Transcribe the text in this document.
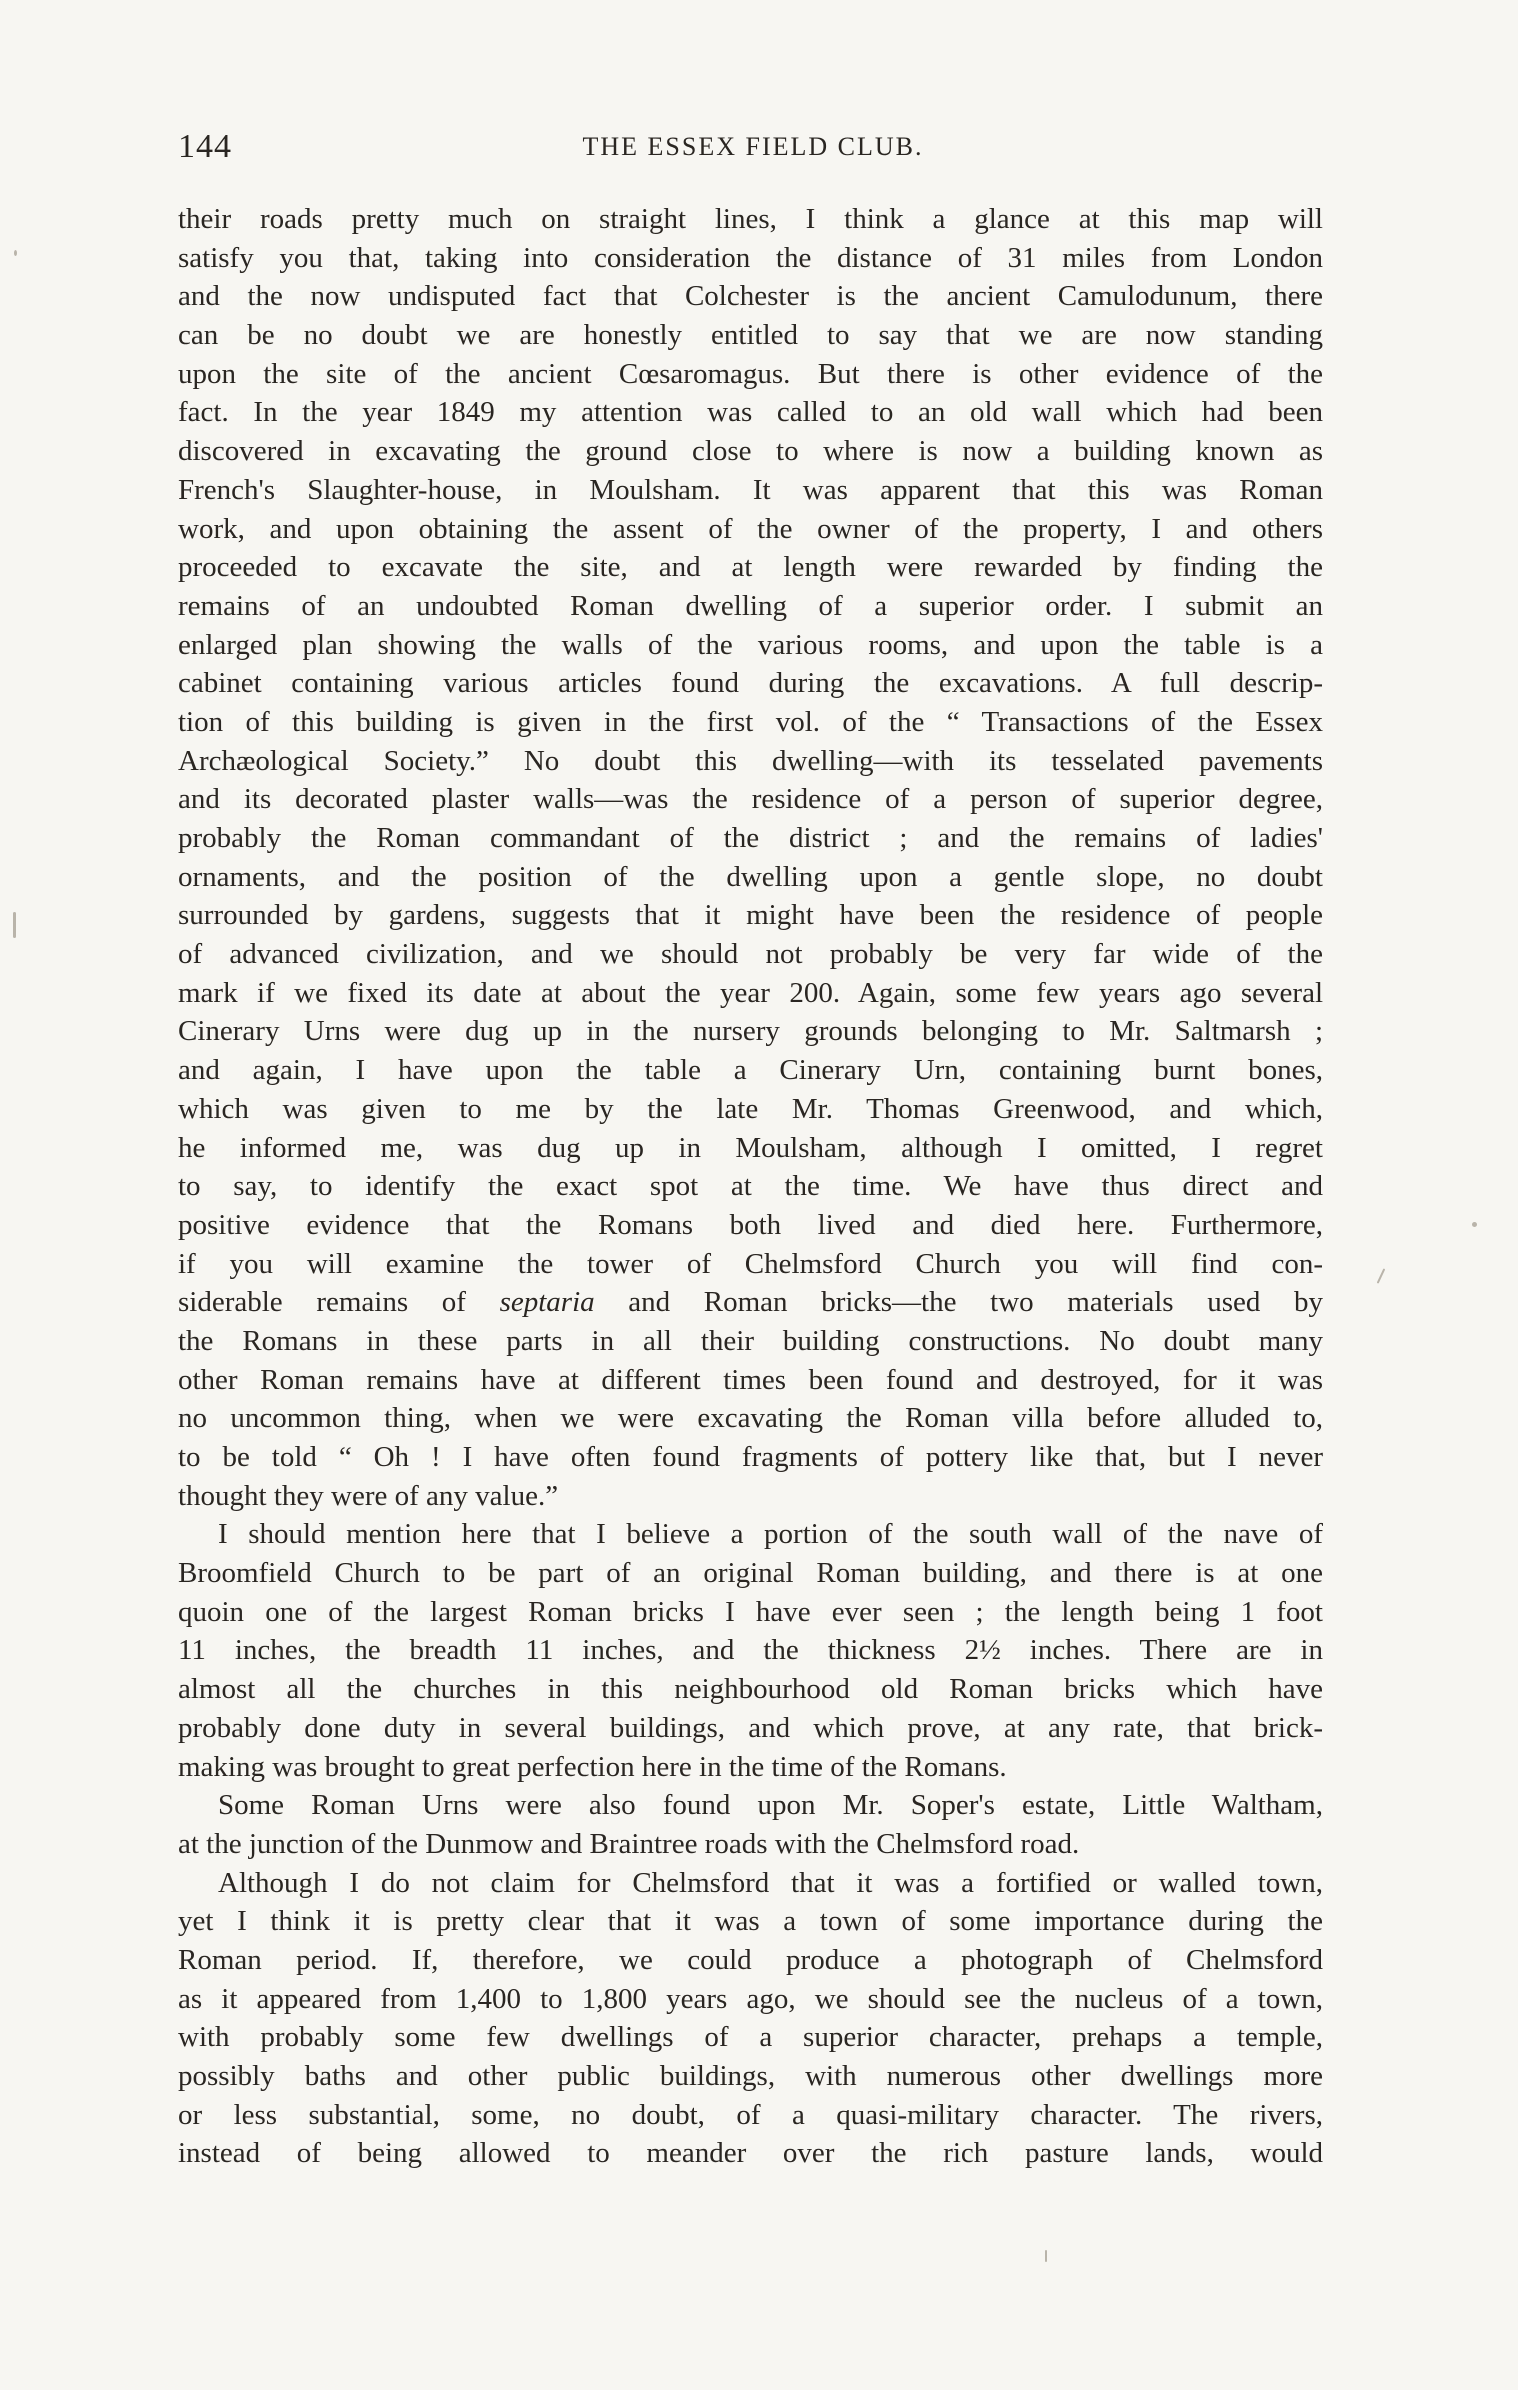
144	THE ESSEX FIELD CLUB.
their roads pretty much on straight lines, I think a glance at this map will
satisfy you that, taking into consideration the distance of 31 miles from London
and the now undisputed fact that Colchester is the ancient Camulodunum, there
can be no doubt we are honestly entitled to say that we are now standing
upon the site of the ancient Cœsaromagus. But there is other evidence of the
fact. In the year 1849 my attention was called to an old wall which had been
discovered in excavating the ground close to where is now a building known as
French's Slaughter-house, in Moulsham. It was apparent that this was Roman
work, and upon obtaining the assent of the owner of the property, I and others
proceeded to excavate the site, and at length were rewarded by finding the
remains of an undoubted Roman dwelling of a superior order. I submit an
enlarged plan showing the walls of the various rooms, and upon the table is a
cabinet containing various articles found during the excavations. A full descrip-
tion of this building is given in the first vol. of the “ Transactions of the Essex
Archæological Society.” No doubt this dwelling—with its tesselated pavements
and its decorated plaster walls—was the residence of a person of superior degree,
probably the Roman commandant of the district ; and the remains of ladies'
ornaments, and the position of the dwelling upon a gentle slope, no doubt
surrounded by gardens, suggests that it might have been the residence of people
of advanced civilization, and we should not probably be very far wide of the
mark if we fixed its date at about the year 200. Again, some few years ago several
Cinerary Urns were dug up in the nursery grounds belonging to Mr. Saltmarsh ;
and again, I have upon the table a Cinerary Urn, containing burnt bones,
which was given to me by the late Mr. Thomas Greenwood, and which,
he informed me, was dug up in Moulsham, although I omitted, I regret
to say, to identify the exact spot at the time. We have thus direct and
positive evidence that the Romans both lived and died here. Furthermore,
if you will examine the tower of Chelmsford Church you will find con-
siderable remains of septaria and Roman bricks—the two materials used by
the Romans in these parts in all their building constructions. No doubt many
other Roman remains have at different times been found and destroyed, for it was
no uncommon thing, when we were excavating the Roman villa before alluded to,
to be told “ Oh ! I have often found fragments of pottery like that, but I never
thought they were of any value.”
I should mention here that I believe a portion of the south wall of the nave of
Broomfield Church to be part of an original Roman building, and there is at one
quoin one of the largest Roman bricks I have ever seen ; the length being 1 foot
11 inches, the breadth 11 inches, and the thickness 2½ inches. There are in
almost all the churches in this neighbourhood old Roman bricks which have
probably done duty in several buildings, and which prove, at any rate, that brick-
making was brought to great perfection here in the time of the Romans.
Some Roman Urns were also found upon Mr. Soper's estate, Little Waltham,
at the junction of the Dunmow and Braintree roads with the Chelmsford road.
Although I do not claim for Chelmsford that it was a fortified or walled town,
yet I think it is pretty clear that it was a town of some importance during the
Roman period. If, therefore, we could produce a photograph of Chelmsford
as it appeared from 1,400 to 1,800 years ago, we should see the nucleus of a town,
with probably some few dwellings of a superior character, prehaps a temple,
possibly baths and other public buildings, with numerous other dwellings more
or less substantial, some, no doubt, of a quasi-military character. The rivers,
instead of being allowed to meander over the rich pasture lands, would
